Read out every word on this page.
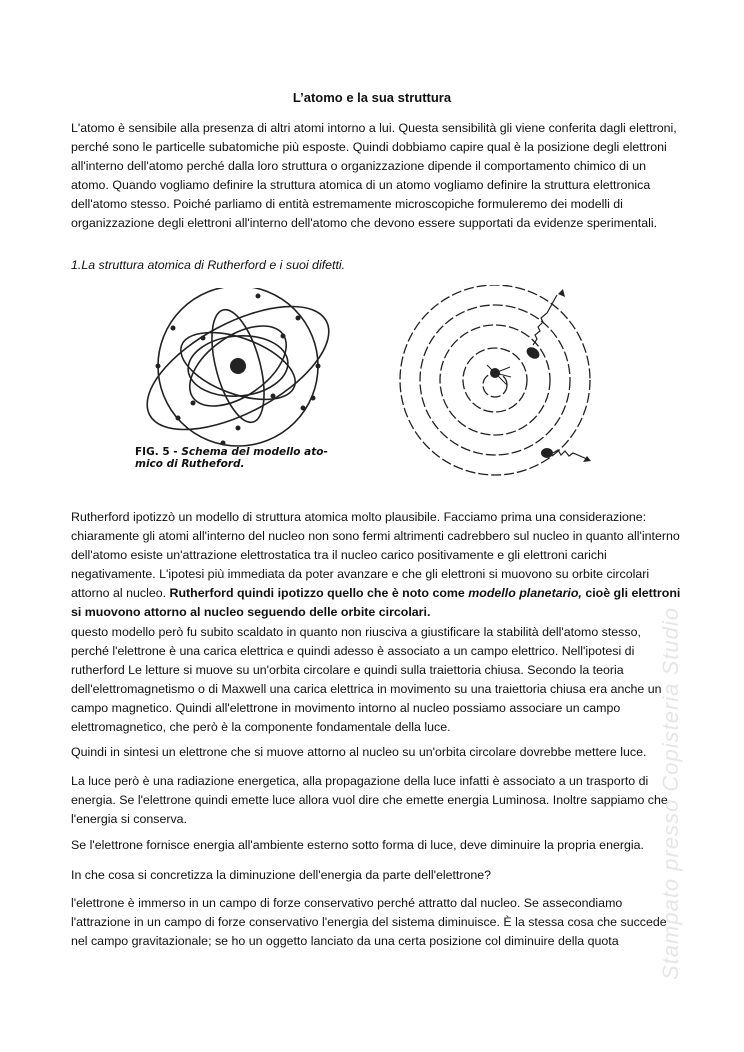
L’atomo e la sua struttura

L'atomo è sensibile alla presenza di altri atomi intorno a lui. Questa sensibilità gli viene conferita dagli elettroni, perché sono le particelle subatomiche più esposte. Quindi dobbiamo capire qual è la posizione degli elettroni all'interno dell'atomo perché dalla loro struttura o organizzazione dipende il comportamento chimico di un atomo. Quando vogliamo definire la struttura atomica di un atomo vogliamo definire la struttura elettronica dell'atomo stesso. Poiché parliamo di entità estremamente microscopiche formuleremo dei modelli di organizzazione degli elettroni all'interno dell'atomo che devono essere supportati da evidenze sperimentali.

1.La struttura atomica di Rutherford e i suoi difetti.

FIG. 5 - Schema del modello ato-
mico di Rutheford.

Rutherford ipotizzò un modello di struttura atomica molto plausibile. Facciamo prima una considerazione: chiaramente gli atomi all'interno del nucleo non sono fermi altrimenti cadrebbero sul nucleo in quanto all'interno dell'atomo esiste un'attrazione elettrostatica tra il nucleo carico positivamente e gli elettroni carichi negativamente. L'ipotesi più immediata da poter avanzare e che gli elettroni si muovono su orbite circolari attorno al nucleo. Rutherford quindi ipotizzo quello che è noto come modello planetario, cioè gli elettroni si muovono attorno al nucleo seguendo delle orbite circolari.

questo modello però fu subito scaldato in quanto non riusciva a giustificare la stabilità dell'atomo stesso, perché l'elettrone è una carica elettrica e quindi adesso è associato a un campo elettrico. Nell'ipotesi di rutherford Le letture si muove su un'orbita circolare e quindi sulla traiettoria chiusa. Secondo la teoria dell'elettromagnetismo o di Maxwell una carica elettrica in movimento su una traiettoria chiusa era anche un campo magnetico. Quindi all'elettrone in movimento intorno al nucleo possiamo associare un campo elettromagnetico, che però è la componente fondamentale della luce.

Quindi in sintesi un elettrone che si muove attorno al nucleo su un'orbita circolare dovrebbe mettere luce.

La luce però è una radiazione energetica, alla propagazione della luce infatti è associato a un trasporto di energia. Se l'elettrone quindi emette luce allora vuol dire che emette energia Luminosa. Inoltre sappiamo che l'energia si conserva.

Se l'elettrone fornisce energia all'ambiente esterno sotto forma di luce, deve diminuire la propria energia.

In che cosa si concretizza la diminuzione dell'energia da parte dell'elettrone?

l'elettrone è immerso in un campo di forze conservativo perché attratto dal nucleo. Se assecondiamo l'attrazione in un campo di forze conservativo l'energia del sistema diminuisce. È la stessa cosa che succede nel campo gravitazionale; se ho un oggetto lanciato da una certa posizione col diminuire della quota	Stampato presso Copisteria Studio
